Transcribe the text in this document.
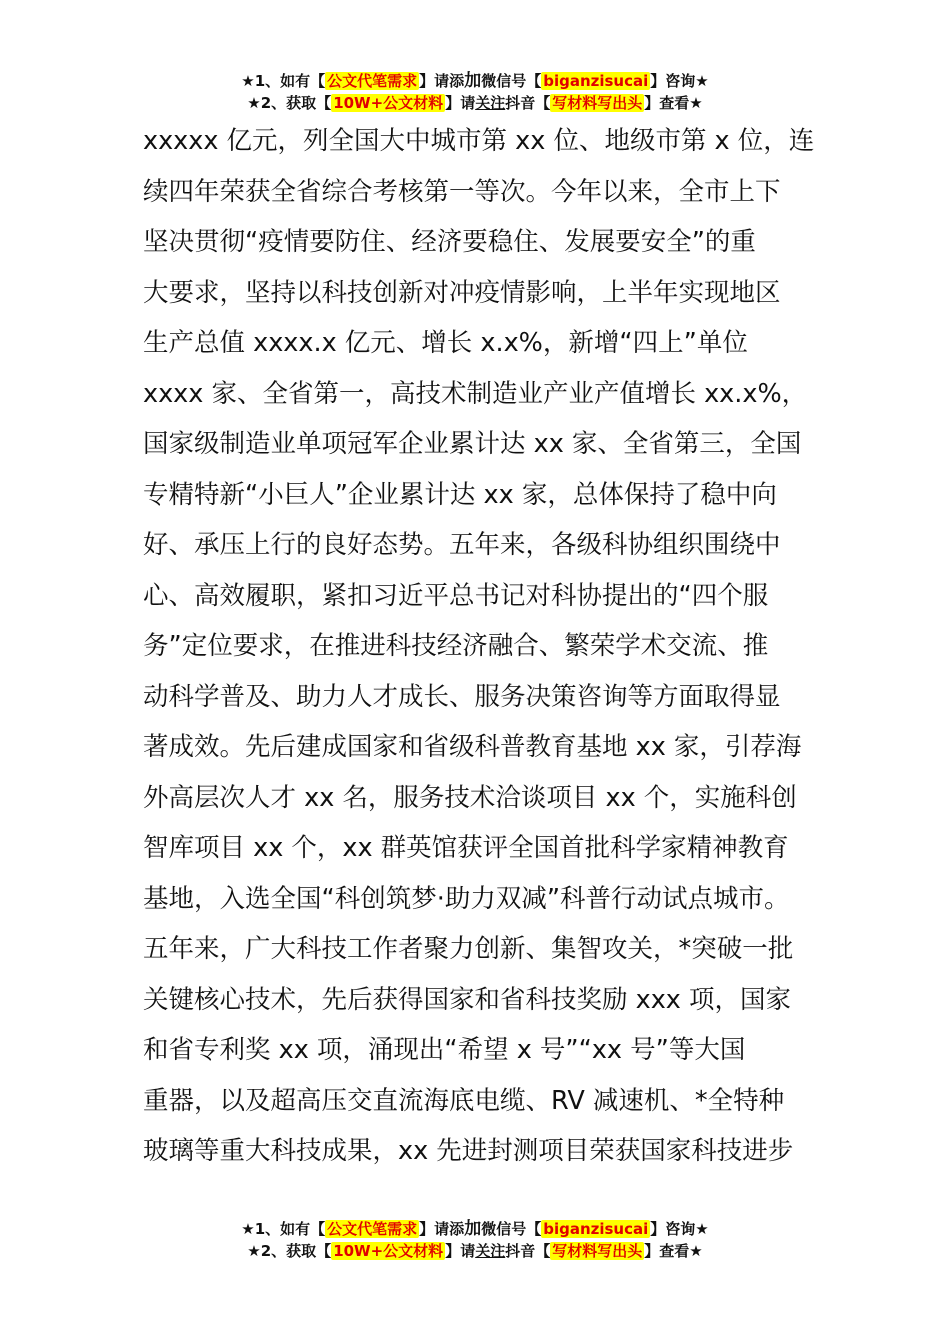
★1、如有【 公文代笔需求 】请添加微信号【 biganzisucai 】咨询★
★2、获取【 10W+公文材料 】请关注抖音【 写材料写出头 】查看★
xxxxx 亿元，列全国大中城市第 xx 位、地级市第 x 位，连
续四年荣获全省综合考核第一等次。今年以来，全市上下
坚决贯彻“疫情要防住、经济要稳住、发展要安全”的重
大要求，坚持以科技创新对冲疫情影响，上半年实现地区
生产总值 xxxx.x 亿元、增长 x.x%，新增“四上”单位
xxxx 家、全省第一，高技术制造业产业产值增长 xx.x%，
国家级制造业单项冠军企业累计达 xx 家、全省第三，全国
专精特新“小巨人”企业累计达 xx 家，总体保持了稳中向
好、承压上行的良好态势。五年来，各级科协组织围绕中
心、高效履职，紧扣习近平总书记对科协提出的“四个服
务”定位要求，在推进科技经济融合、繁荣学术交流、推
动科学普及、助力人才成长、服务决策咨询等方面取得显
著成效。先后建成国家和省级科普教育基地 xx 家，引荐海
外高层次人才 xx 名，服务技术洽谈项目 xx 个，实施科创
智库项目 xx 个，xx 群英馆获评全国首批科学家精神教育
基地，入选全国“科创筑梦·助力双减”科普行动试点城市。
五年来，广大科技工作者聚力创新、集智攻关，*突破一批
关键核心技术，先后获得国家和省科技奖励 xxx 项，国家
和省专利奖 xx 项，涌现出“希望 x 号”“xx 号”等大国
重器，以及超高压交直流海底电缆、RV 减速机、*全特种
玻璃等重大科技成果，xx 先进封测项目荣获国家科技进步
★1、如有【 公文代笔需求 】请添加微信号【 biganzisucai 】咨询★
★2、获取【 10W+公文材料 】请关注抖音【 写材料写出头 】查看★
